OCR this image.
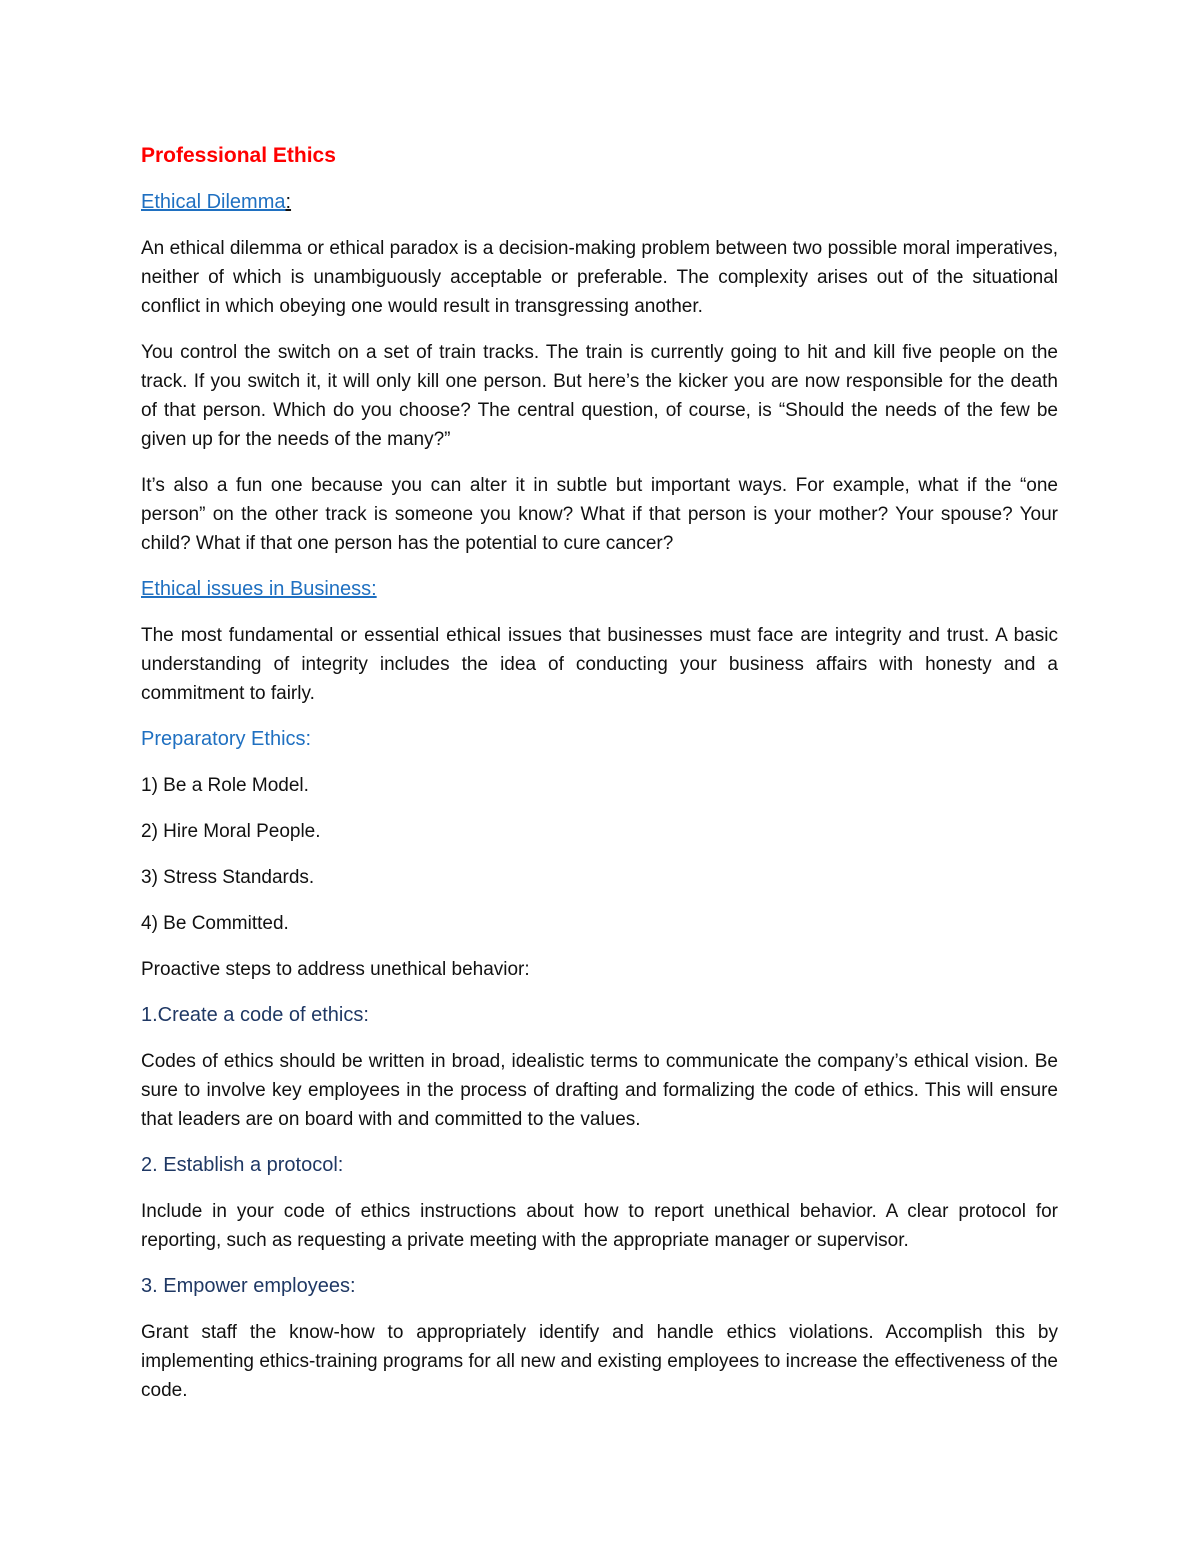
Professional Ethics
Ethical Dilemma:

An ethical dilemma or ethical paradox is a decision-making problem between two possible moral imperatives, neither of which is unambiguously acceptable or preferable. The complexity arises out of the situational conflict in which obeying one would result in transgressing another.

You control the switch on a set of train tracks. The train is currently going to hit and kill five people on the track. If you switch it, it will only kill one person. But here’s the kicker you are now responsible for the death of that person. Which do you choose? The central question, of course, is “Should the needs of the few be given up for the needs of the many?”

It’s also a fun one because you can alter it in subtle but important ways. For example, what if the “one person” on the other track is someone you know? What if that person is your mother? Your spouse? Your child? What if that one person has the potential to cure cancer?

Ethical issues in Business:

The most fundamental or essential ethical issues that businesses must face are integrity and trust. A basic understanding of integrity includes the idea of conducting your business affairs with honesty and a commitment to fairly.

Preparatory Ethics:

1) Be a Role Model.

2) Hire Moral People.

3) Stress Standards.

4) Be Committed.

Proactive steps to address unethical behavior:

1.Create a code of ethics:

Codes of ethics should be written in broad, idealistic terms to communicate the company’s ethical vision. Be sure to involve key employees in the process of drafting and formalizing the code of ethics. This will ensure that leaders are on board with and committed to the values.

2. Establish a protocol:

Include in your code of ethics instructions about how to report unethical behavior. A clear protocol for reporting, such as requesting a private meeting with the appropriate manager or supervisor.

3. Empower employees:

Grant staff the know-how to appropriately identify and handle ethics violations. Accomplish this by implementing ethics-training programs for all new and existing employees to increase the effectiveness of the code.
